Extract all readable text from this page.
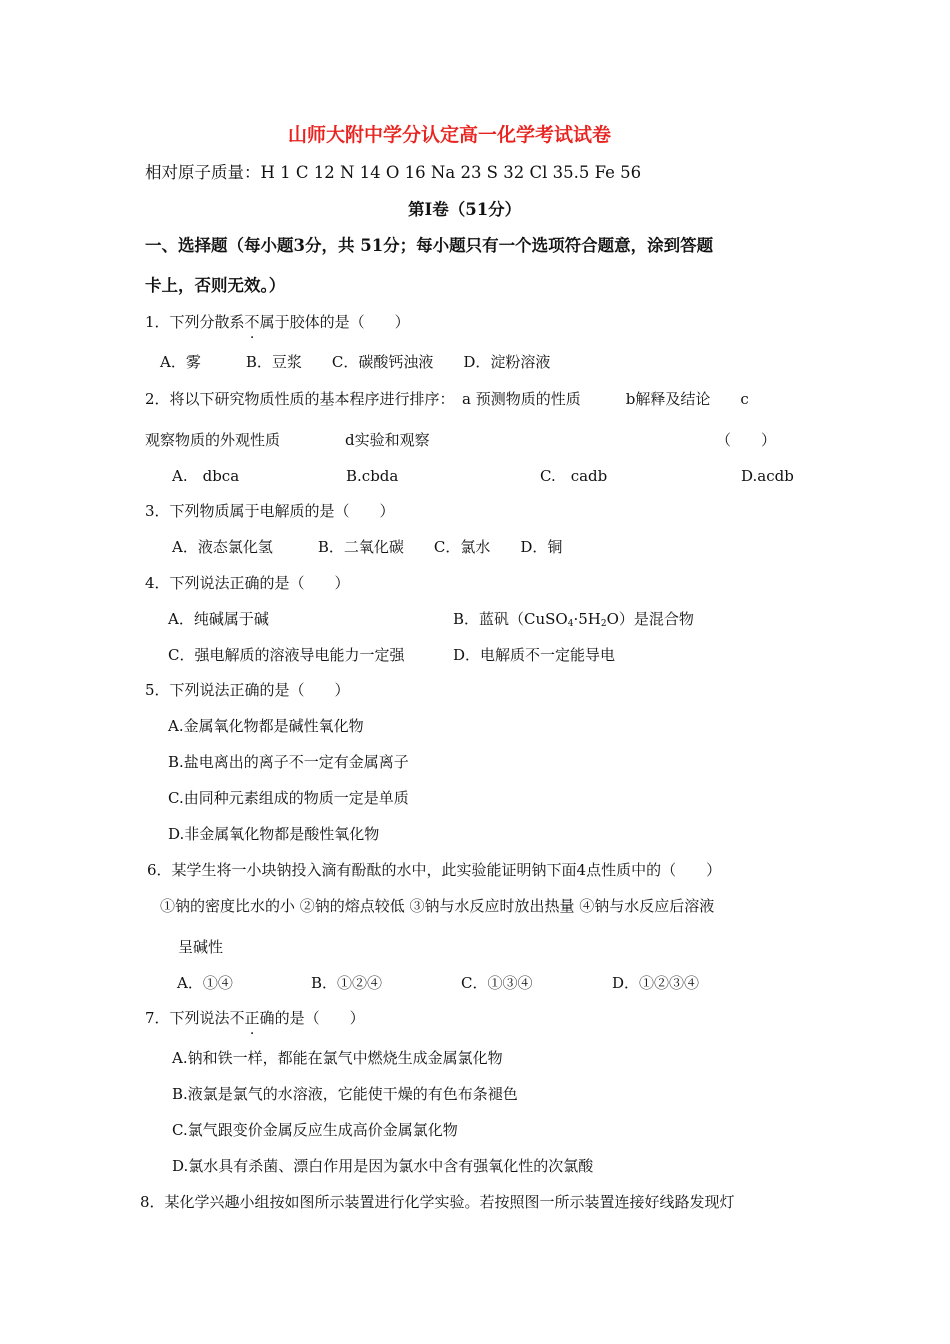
山师大附中学分认定高一化学考试试卷
相对原子质量：H 1 C 12 N 14 O 16 Na 23 S 32 Cl 35.5 Fe 56
第Ⅰ卷（51分）
一、选择题（每小题3分，共 51分；每小题只有一个选项符合题意，涂到答题
卡上，否则无效。）
1．下列分散系不属于胶体的是（　　）
A．雾　　　B．豆浆　　C．碳酸钙浊液　　D．淀粉溶液
2．将以下研究物质性质的基本程序进行排序：　a 预测物质的性质　　　b解释及结论　　c
观察物质的外观性质	d实验和观察	（　　）
A.　dbca	B.cbda	C.　cadb	D.acdb
3．下列物质属于电解质的是（　　）
A．液态氯化氢　　　B．二氧化碳　　C．氯水　　D．铜
4．下列说法正确的是（　　）
A．纯碱属于碱	B．蓝矾$(CuSO_4\cdot 5H_2O)$是混合物
C．强电解质的溶液导电能力一定强	D．电解质不一定能导电
5．下列说法正确的是（　　）
A.金属氧化物都是碱性氧化物
B.盐电离出的离子不一定有金属离子
C.由同种元素组成的物质一定是单质
D.非金属氧化物都是酸性氧化物
6．某学生将一小块钠投入滴有酚酞的水中，此实验能证明钠下面4点性质中的（　　）
①钠的密度比水的小 ②钠的熔点较低 ③钠与水反应时放出热量 ④钠与水反应后溶液
呈碱性
A．①④	B．①②④	C．①③④	D．①②③④
7．下列说法不正确的是（　　）
A.钠和铁一样，都能在氯气中燃烧生成金属氯化物
B.液氯是氯气的水溶液，它能使干燥的有色布条褪色
C.氯气跟变价金属反应生成高价金属氯化物
D.氯水具有杀菌、漂白作用是因为氯水中含有强氧化性的次氯酸
8．某化学兴趣小组按如图所示装置进行化学实验。若按照图一所示装置连接好线路发现灯
